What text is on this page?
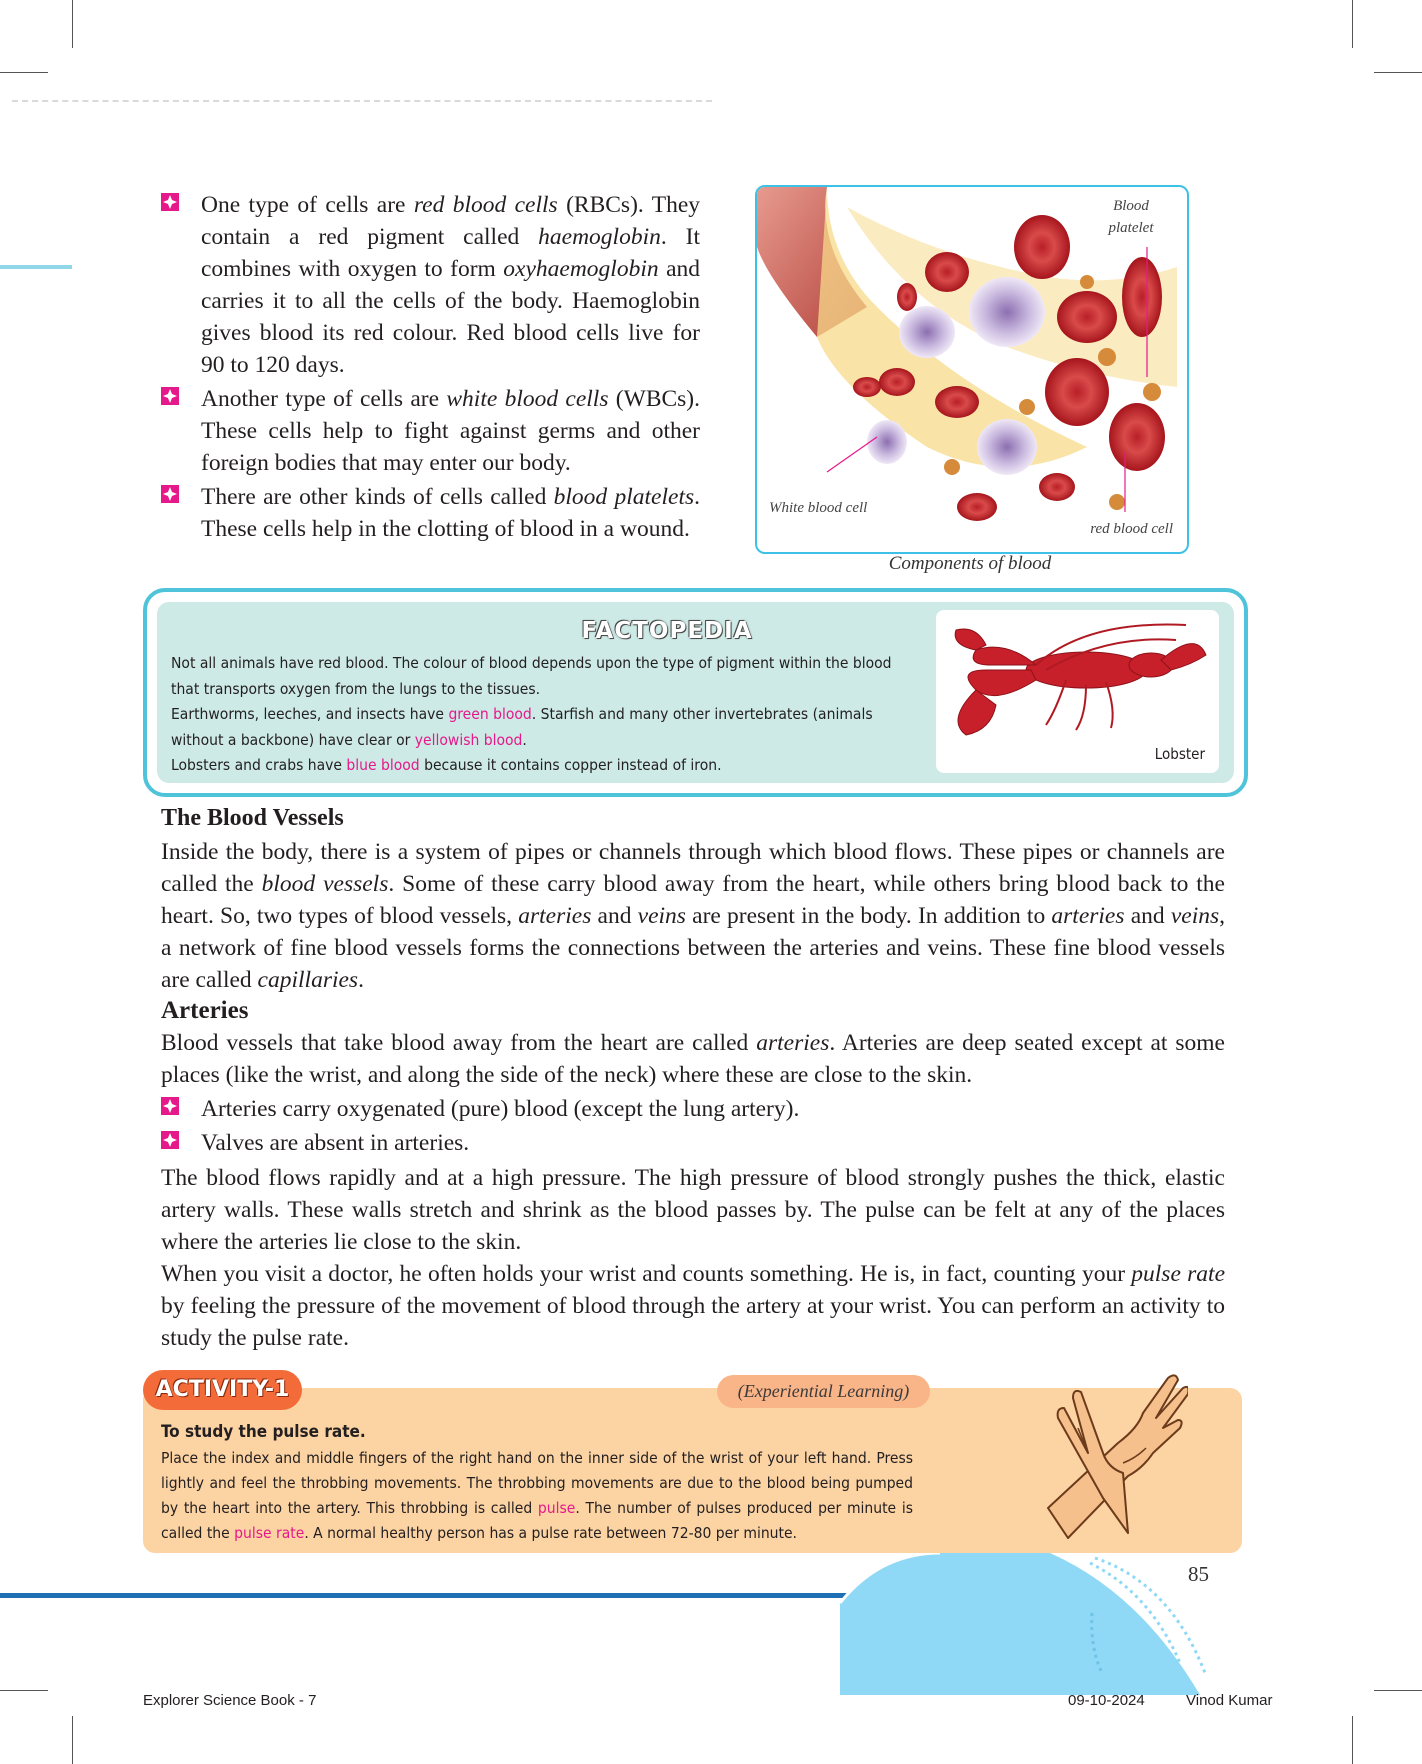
One type of cells are red blood cells (RBCs). They contain a red pigment called haemoglobin. It combines with oxygen to form oxyhaemoglobin and carries it to all the cells of the body. Haemoglobin gives blood its red colour. Red blood cells live for 90 to 120 days.
Another type of cells are white blood cells (WBCs). These cells help to fight against germs and other foreign bodies that may enter our body.
There are other kinds of cells called blood platelets. These cells help in the clotting of blood in a wound.
Blood platelet
White blood cell
red blood cell
Components of blood
FACTOPEDIA
Not all animals have red blood. The colour of blood depends upon the type of pigment within the blood that transports oxygen from the lungs to the tissues.
Earthworms, leeches, and insects have green blood. Starfish and many other invertebrates (animals without a backbone) have clear or yellowish blood.
Lobsters and crabs have blue blood because it contains copper instead of iron.
Lobster
The Blood Vessels
Inside the body, there is a system of pipes or channels through which blood flows. These pipes or channels are called the blood vessels. Some of these carry blood away from the heart, while others bring blood back to the heart. So, two types of blood vessels, arteries and veins are present in the body. In addition to arteries and veins, a network of fine blood vessels forms the connections between the arteries and veins. These fine blood vessels are called capillaries.
Arteries
Blood vessels that take blood away from the heart are called arteries. Arteries are deep seated except at some places (like the wrist, and along the side of the neck) where these are close to the skin.
Arteries carry oxygenated (pure) blood (except the lung artery).
Valves are absent in arteries.
The blood flows rapidly and at a high pressure. The high pressure of blood strongly pushes the thick, elastic artery walls. These walls stretch and shrink as the blood passes by. The pulse can be felt at any of the places where the arteries lie close to the skin.
When you visit a doctor, he often holds your wrist and counts something. He is, in fact, counting your pulse rate by feeling the pressure of the movement of blood through the artery at your wrist. You can perform an activity to study the pulse rate.
ACTIVITY-1	(Experiential Learning)
To study the pulse rate.
Place the index and middle fingers of the right hand on the inner side of the wrist of your left hand. Press lightly and feel the throbbing movements. The throbbing movements are due to the blood being pumped by the heart into the artery. This throbbing is called pulse. The number of pulses produced per minute is called the pulse rate. A normal healthy person has a pulse rate between 72-80 per minute.
85
Explorer Science Book - 7	09-10-2024	Vinod Kumar
